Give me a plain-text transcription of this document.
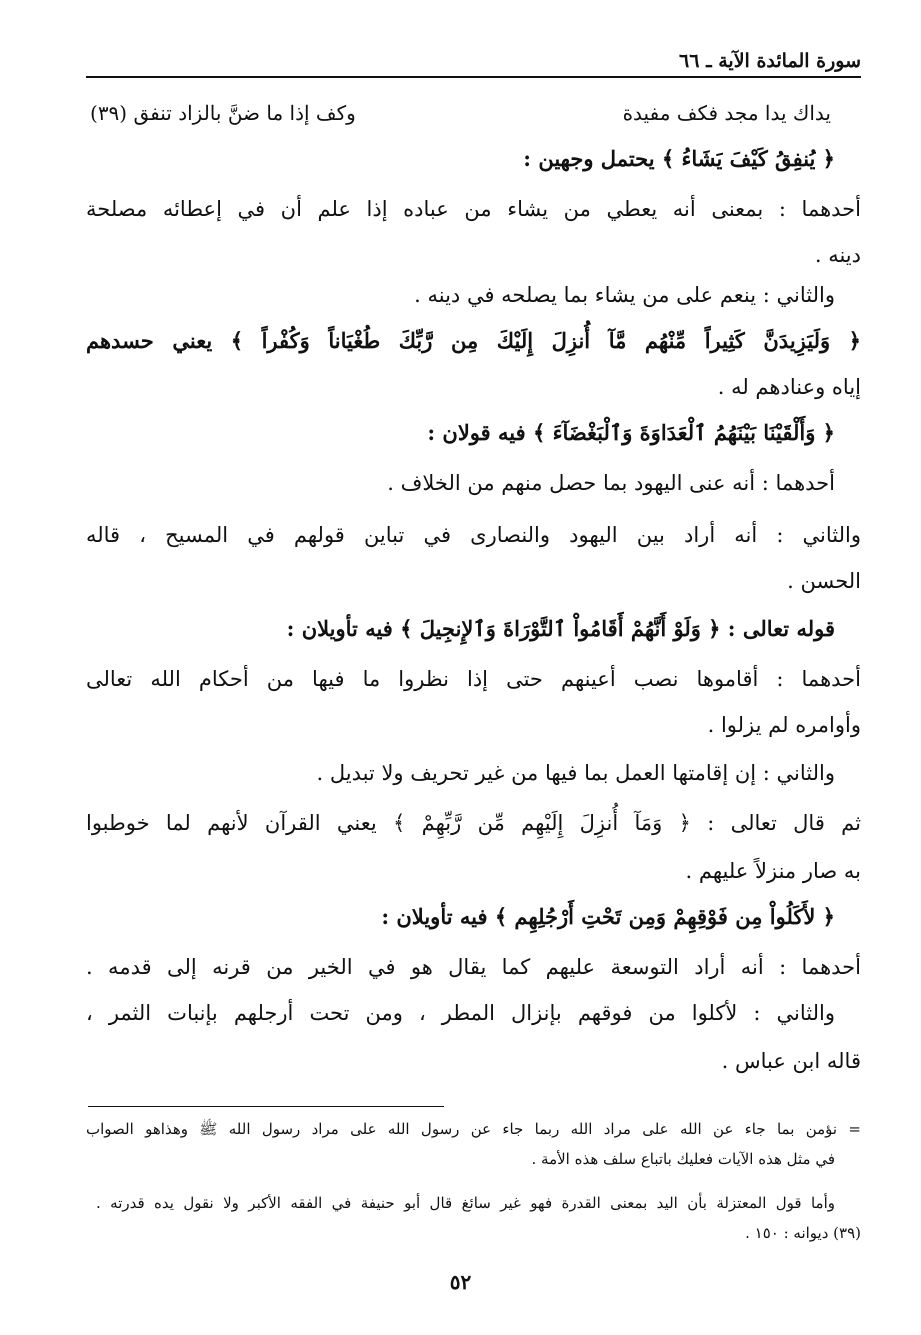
سورة المائدة الآية ـ ٦٦
يداك يدا مجد فكف مفيدة
وكف إذا ما ضنَّ بالزاد تنفق (٣٩)
﴿ يُنفِقُ كَيْفَ يَشَاءُ ﴾ يحتمل وجهين :
أحدهما : بمعنى أنه يعطي من يشاء من عباده إذا علم أن في إعطائه مصلحة
دينه .
والثاني : ينعم على من يشاء بما يصلحه في دينه .
﴿ وَلَيَزِيدَنَّ كَثِيراً مِّنْهُم مَّآ أُنزِلَ إِلَيْكَ مِن رَّبِّكَ طُغْيَاناً وَكُفْراً ﴾ يعني حسدهم
إياه وعنادهم له .
﴿ وَأَلْقَيْنَا بَيْنَهُمُ ٱلْعَدَاوَةَ وَٱلْبَغْضَآءَ ﴾ فيه قولان :
أحدهما : أنه عنى اليهود بما حصل منهم من الخلاف .
والثاني : أنه أراد بين اليهود والنصارى في تباين قولهم في المسيح ، قاله
الحسن .
قوله تعالى : ﴿ وَلَوْ أَنَّهُمْ أَقَامُواْ ٱلتَّوْرَاةَ وَٱلإِنجِيلَ ﴾ فيه تأويلان :
أحدهما : أقاموها نصب أعينهم حتى إذا نظروا ما فيها من أحكام الله تعالى
وأوامره لم يزلوا .
والثاني : إن إقامتها العمل بما فيها من غير تحريف ولا تبديل .
ثم قال تعالى : ﴿ وَمَآ أُنزِلَ إِلَيْهِم مِّن رَّبِّهِمْ ﴾ يعني القرآن لأنهم لما خوطبوا
به صار منزلاً عليهم .
﴿ لأَكَلُواْ مِن فَوْقِهِمْ وَمِن تَحْتِ أَرْجُلِهِم ﴾ فيه تأويلان :
أحدهما : أنه أراد التوسعة عليهم كما يقال هو في الخير من قرنه إلى قدمه .
والثاني : لأكلوا من فوقهم بإنزال المطر ، ومن تحت أرجلهم بإنبات الثمر ،
قاله ابن عباس .
= نؤمن بما جاء عن الله على مراد الله ربما جاء عن رسول الله على مراد رسول الله ﷺ وهذاهو الصواب
في مثل هذه الآيات فعليك باتباع سلف هذه الأمة .
وأما قول المعتزلة بأن اليد بمعنى القدرة فهو غير سائغ قال أبو حنيفة في الفقه الأكبر ولا نقول يده قدرته .
(٣٩) ديوانه : ١٥٠ .
٥٢
